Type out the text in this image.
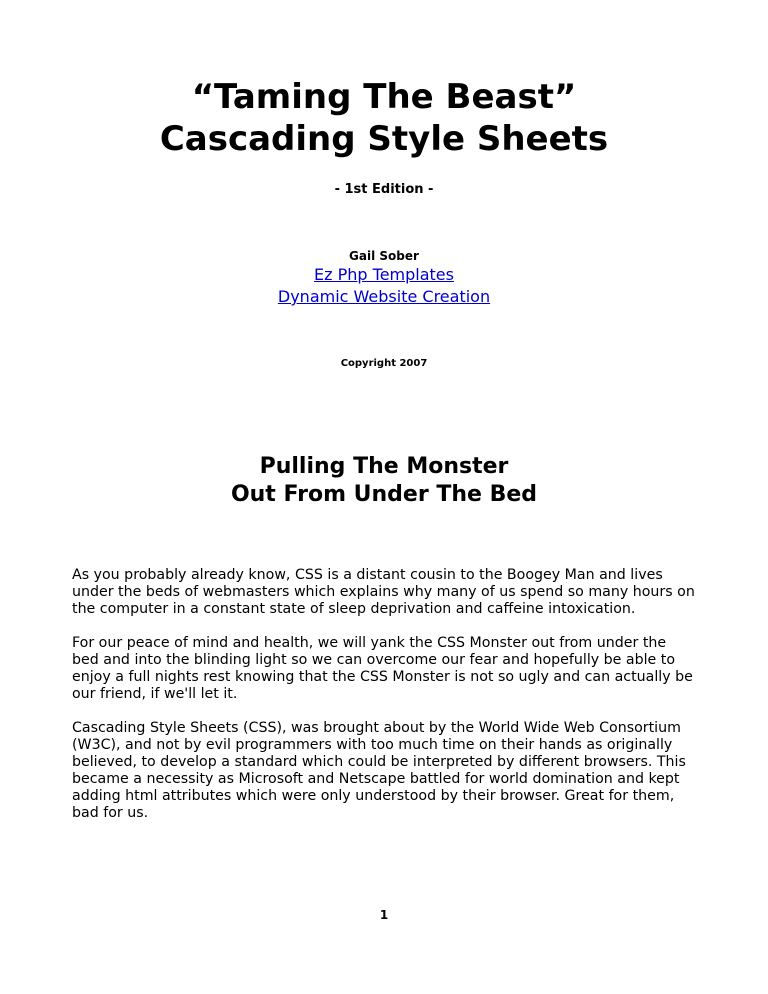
“Taming The Beast”
Cascading Style Sheets
- 1st Edition -
Gail Sober
Ez Php Templates
Dynamic Website Creation
Copyright 2007
Pulling The Monster
Out From Under The Bed

As you probably already know, CSS is a distant cousin to the Boogey Man and lives under the beds of webmasters which explains why many of us spend so many hours on the computer in a constant state of sleep deprivation and caffeine intoxication.

For our peace of mind and health, we will yank the CSS Monster out from under the bed and into the blinding light so we can overcome our fear and hopefully be able to enjoy a full nights rest knowing that the CSS Monster is not so ugly and can actually be our friend, if we'll let it.

Cascading Style Sheets (CSS), was brought about by the World Wide Web Consortium (W3C), and not by evil programmers with too much time on their hands as originally believed, to develop a standard which could be interpreted by different browsers. This became a necessity as Microsoft and Netscape battled for world domination and kept adding html attributes which were only understood by their browser. Great for them, bad for us.

1
